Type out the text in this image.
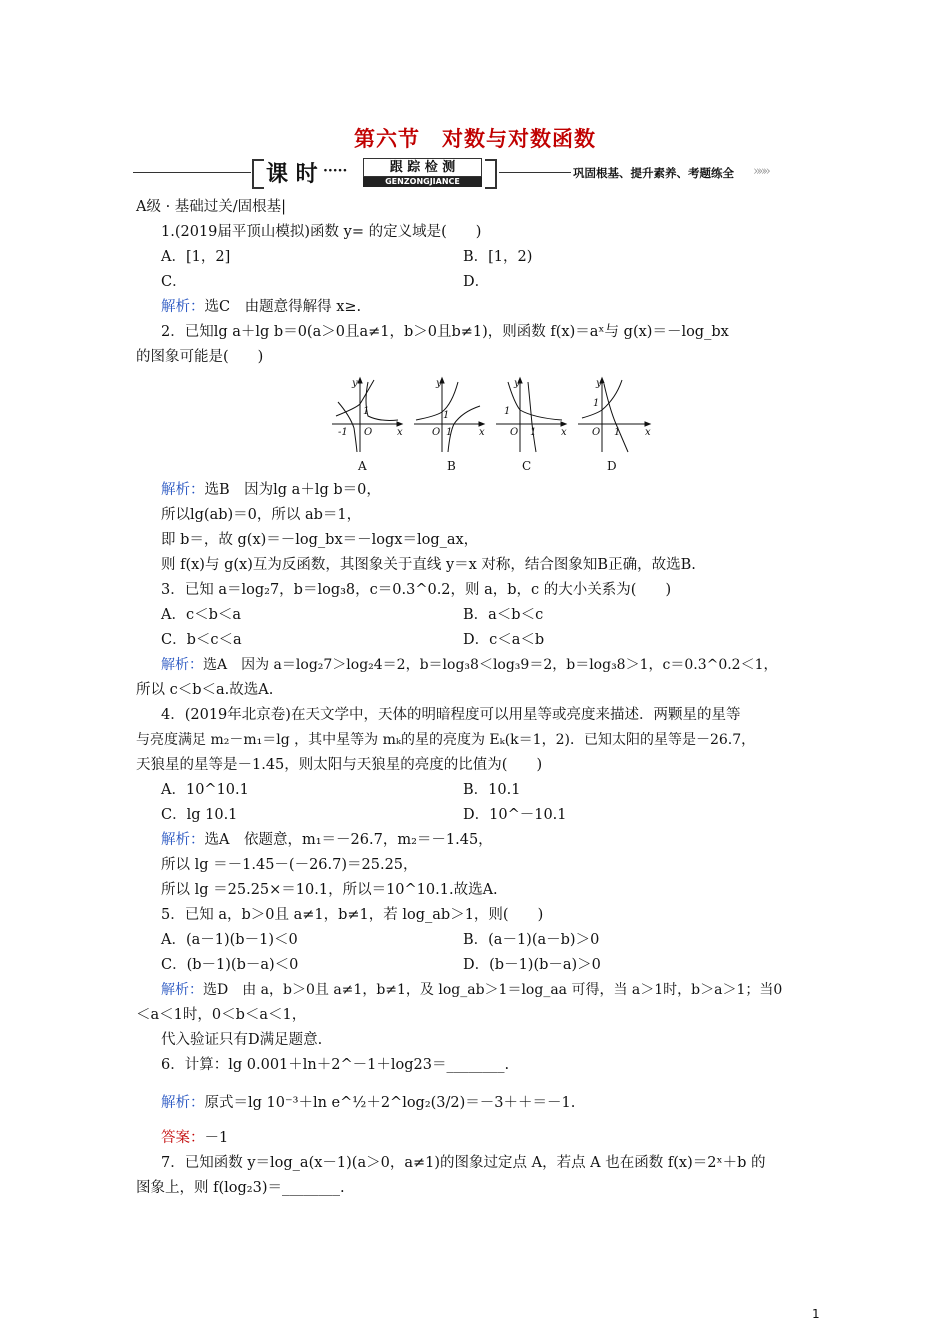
第六节　对数与对数函数
课 时 ·····	跟 踪 检 测
GENZONGJIANCE
巩固根基、提升素养、考题练全 »»»
A级 · 基础过关/固根基|
1.(2019届平顶山模拟)函数 y= 的定义域是(　　)
A．[1，2]	B．[1，2)
C．	D．
解析：选C　由题意得解得 x≥.
2．已知lg a＋lg b＝0(a＞0且a≠1，b＞0且b≠1)，则函数 f(x)＝aˣ与 g(x)＝－log_bx
的图象可能是(　　)
y
x
O
1
-1
y
x
O
1
1
y
x
O
1
1
y
x
O
1
1
A	B	C	D
解析：选B　因为lg a＋lg b＝0，
所以lg(ab)＝0，所以 ab＝1，
即 b＝，故 g(x)＝－log_bx＝－logx＝log_ax，
则 f(x)与 g(x)互为反函数，其图象关于直线 y＝x 对称，结合图象知B正确，故选B.
3．已知 a＝log₂7，b＝log₃8，c＝0.3^0.2，则 a，b，c 的大小关系为(　　)
A．c＜b＜a	B．a＜b＜c
C．b＜c＜a	D．c＜a＜b
解析：选A　因为 a＝log₂7＞log₂4＝2，b＝log₃8＜log₃9＝2，b＝log₃8＞1，c＝0.3^0.2＜1，
所以 c＜b＜a.故选A.
4．(2019年北京卷)在天文学中，天体的明暗程度可以用星等或亮度来描述．两颗星的星等
与亮度满足 m₂－m₁＝lg ，其中星等为 mₖ的星的亮度为 Eₖ(k＝1，2)．已知太阳的星等是－26.7，
天狼星的星等是－1.45，则太阳与天狼星的亮度的比值为(　　)
A．10^10.1	B．10.1
C．lg 10.1	D．10^－10.1
解析：选A　依题意，m₁＝－26.7，m₂＝－1.45，
所以 lg ＝－1.45－(－26.7)＝25.25，
所以 lg ＝25.25×＝10.1，所以＝10^10.1.故选A.
5．已知 a，b＞0且 a≠1，b≠1，若 log_ab＞1，则(　　)
A．(a－1)(b－1)＜0	B．(a－1)(a－b)＞0
C．(b－1)(b－a)＜0	D．(b－1)(b－a)＞0
解析：选D　由 a，b＞0且 a≠1，b≠1，及 log_ab＞1＝log_aa 可得，当 a＞1时，b＞a＞1；当0
＜a＜1时，0＜b＜a＜1，
代入验证只有D满足题意.
6．计算：lg 0.001＋ln＋2^－1＋log23＝________.
解析：原式＝lg 10⁻³＋ln e^½＋2^log₂(3/2)＝－3＋＋＝－1.
答案：－1
7．已知函数 y＝log_a(x－1)(a＞0，a≠1)的图象过定点 A，若点 A 也在函数 f(x)＝2ˣ＋b 的
图象上，则 f(log₂3)＝________.
1
